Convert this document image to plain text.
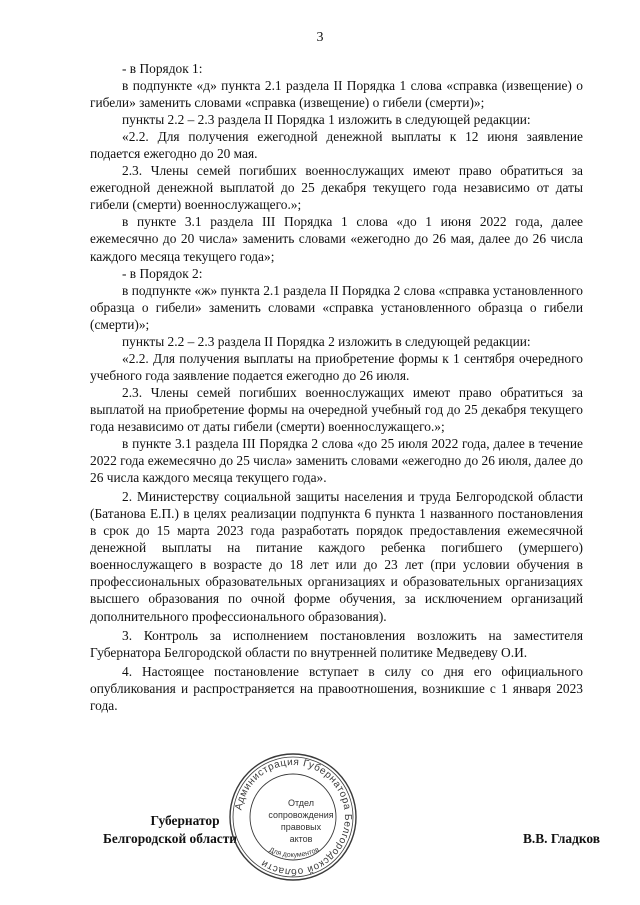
3

- в Порядок 1:

в подпункте «д» пункта 2.1 раздела II Порядка 1 слова «справка (извещение) о гибели» заменить словами «справка (извещение) о гибели (смерти)»;

пункты 2.2 – 2.3 раздела II Порядка 1 изложить в следующей редакции:

«2.2. Для получения ежегодной денежной выплаты к 12 июня заявление подается ежегодно до 20 мая.

2.3. Члены семей погибших военнослужащих имеют право обратиться за ежегодной денежной выплатой до 25 декабря текущего года независимо от даты гибели (смерти) военнослужащего.»;

в пункте 3.1 раздела III Порядка 1 слова «до 1 июня 2022 года, далее ежемесячно до 20 числа» заменить словами «ежегодно до 26 мая, далее до 26 числа каждого месяца текущего года»;

- в Порядок 2:

в подпункте «ж» пункта 2.1 раздела II Порядка 2 слова «справка установленного образца о гибели» заменить словами «справка установленного образца о гибели (смерти)»;

пункты 2.2 – 2.3 раздела II Порядка 2 изложить в следующей редакции:

«2.2. Для получения выплаты на приобретение формы к 1 сентября очередного учебного года заявление подается ежегодно до 26 июля.

2.3. Члены семей погибших военнослужащих имеют право обратиться за выплатой на приобретение формы на очередной учебный год до 25 декабря текущего года независимо от даты гибели (смерти) военнослужащего.»;

в пункте 3.1 раздела III Порядка 2 слова «до 25 июля 2022 года, далее в течение 2022 года ежемесячно до 25 числа» заменить словами «ежегодно до 26 июля, далее до 26 числа каждого месяца текущего года».

2. Министерству социальной защиты населения и труда Белгородской области (Батанова Е.П.) в целях реализации подпункта 6 пункта 1 названного постановления в срок до 15 марта 2023 года разработать порядок предоставления ежемесячной денежной выплаты на питание каждого ребенка погибшего (умершего) военнослужащего в возрасте до 18 лет или до 23 лет (при условии обучения в профессиональных образовательных организациях и образовательных организациях высшего образования по очной форме обучения, за исключением организаций дополнительного профессионального образования).

3. Контроль за исполнением постановления возложить на заместителя Губернатора Белгородской области по внутренней политике Медведеву О.И.

4. Настоящее постановление вступает в силу со дня его официального опубликования и распространяется на правоотношения, возникшие с 1 января 2023 года.

Губернатор
Белгородской области	В.В. Гладков
Администрация Губернатора Белгородской области
Для документов
Отдел
сопровождения
правовых
актов
